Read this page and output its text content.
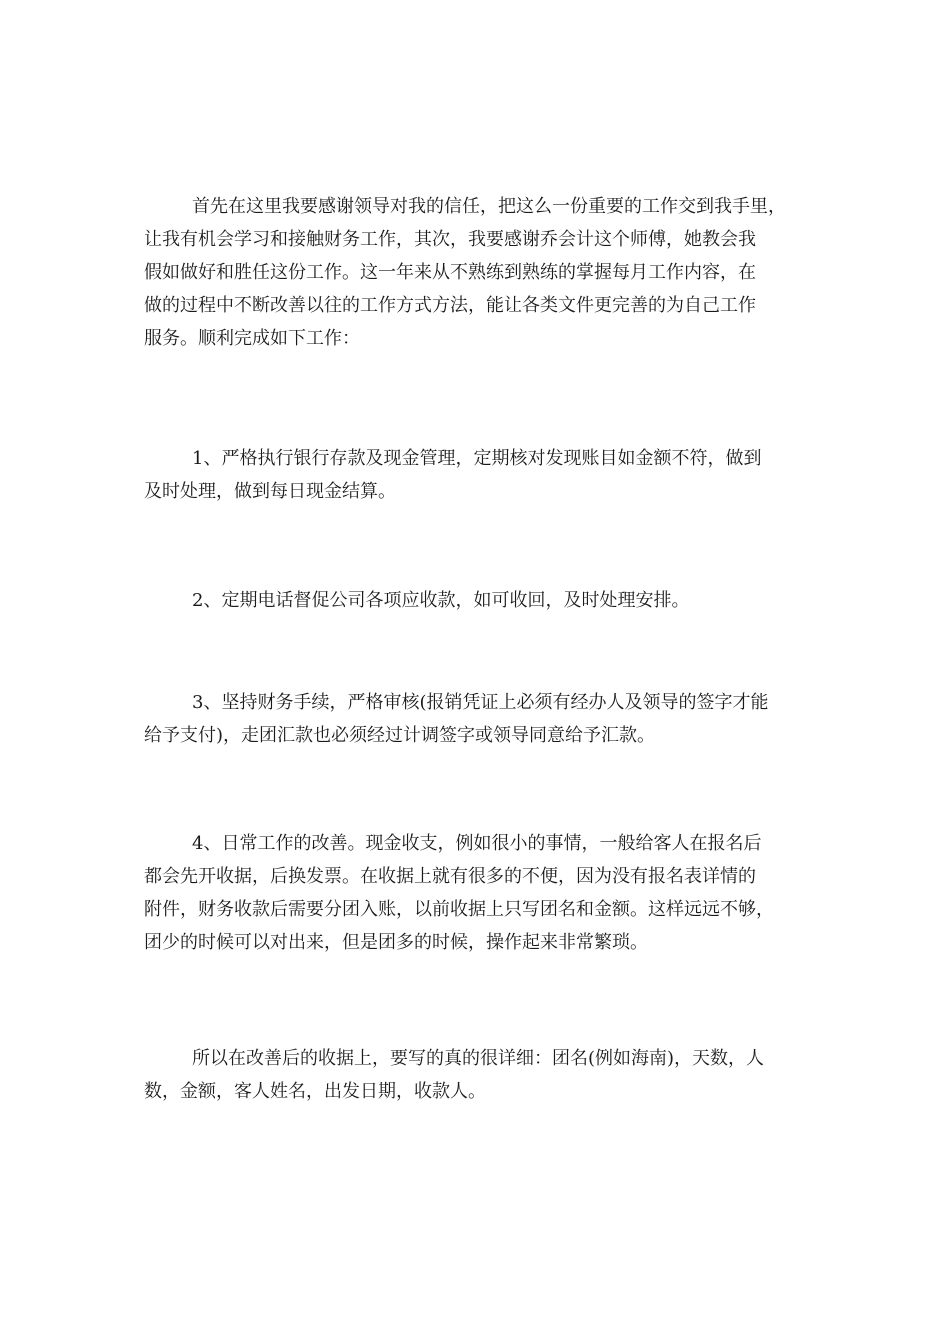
首先在这里我要感谢领导对我的信任，把这么一份重要的工作交到我手里，
让我有机会学习和接触财务工作，其次，我要感谢乔会计这个师傅，她教会我
假如做好和胜任这份工作。这一年来从不熟练到熟练的掌握每月工作内容，在
做的过程中不断改善以往的工作方式方法，能让各类文件更完善的为自己工作
服务。顺利完成如下工作：

1、严格执行银行存款及现金管理，定期核对发现账目如金额不符，做到
及时处理，做到每日现金结算。

2、定期电话督促公司各项应收款，如可收回，及时处理安排。

3、坚持财务手续，严格审核(报销凭证上必须有经办人及领导的签字才能
给予支付)，走团汇款也必须经过计调签字或领导同意给予汇款。

4、日常工作的改善。现金收支，例如很小的事情，一般给客人在报名后
都会先开收据，后换发票。在收据上就有很多的不便，因为没有报名表详情的
附件，财务收款后需要分团入账，以前收据上只写团名和金额。这样远远不够，
团少的时候可以对出来，但是团多的时候，操作起来非常繁琐。

所以在改善后的收据上，要写的真的很详细：团名(例如海南)，天数，人
数，金额，客人姓名，出发日期，收款人。
